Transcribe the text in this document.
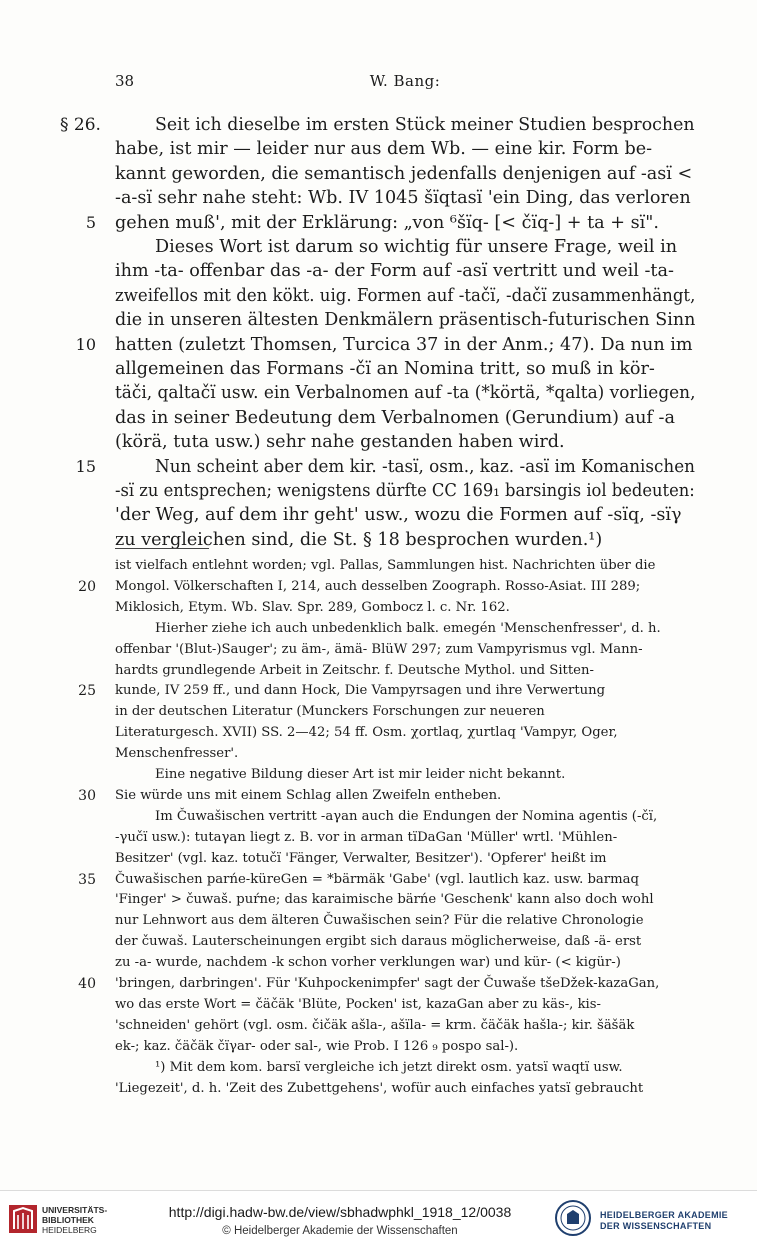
38	W. Bang:
§ 26.	Seit ich dieselbe im ersten Stück meiner Studien besprochen
habe, ist mir — leider nur aus dem Wb. — eine kir. Form be-
kannt geworden, die semantisch jedenfalls denjenigen auf -asï <
-a-sï sehr nahe steht: Wb. IV 1045 šïqtasï 'ein Ding, das verloren
gehen muß', mit der Erklärung: „von ⁶šïq- [< čïq-] + ta + sï".
5
Dieses Wort ist darum so wichtig für unsere Frage, weil in
ihm -ta- offenbar das -a- der Form auf -asï vertritt und weil -ta-
zweifellos mit den kökt. uig. Formen auf -tačï, -dačï zusammenhängt,
die in unseren ältesten Denkmälern präsentisch-futurischen Sinn
hatten (zuletzt Thomsen, Turcica 37 in der Anm.; 47). Da nun im
10
allgemeinen das Formans -čï an Nomina tritt, so muß in kör-
täči, qaltačï usw. ein Verbalnomen auf -ta (*körtä, *qalta) vorliegen,
das in seiner Bedeutung dem Verbalnomen (Gerundium) auf -a
(körä, tuta usw.) sehr nahe gestanden haben wird.
Nun scheint aber dem kir. -tasï, osm., kaz. -asï im Komanischen
15
-sï zu entsprechen; wenigstens dürfte CC 169₁ barsingis iol bedeuten:
'der Weg, auf dem ihr geht' usw., wozu die Formen auf -sïq, -sïγ
zu vergleichen sind, die St. § 18 besprochen wurden.¹)
ist vielfach entlehnt worden; vgl. Pallas, Sammlungen hist. Nachrichten über die
Mongol. Völkerschaften I, 214, auch desselben Zoograph. Rosso-Asiat. III 289;
20
Miklosich, Etym. Wb. Slav. Spr. 289, Gombocz l. c. Nr. 162.
Hierher ziehe ich auch unbedenklich balk. emegén 'Menschenfresser', d. h.
offenbar '(Blut-)Sauger'; zu äm-, ämä- BlüW 297; zum Vampyrismus vgl. Mann-
hardts grundlegende Arbeit in Zeitschr. f. Deutsche Mythol. und Sitten-
kunde, IV 259 ff., und dann Hock, Die Vampyrsagen und ihre Verwertung
25
in der deutschen Literatur (Munckers Forschungen zur neueren
Literaturgesch. XVII) SS. 2—42; 54 ff. Osm. χortlaq, χurtlaq 'Vampyr, Oger,
Menschenfresser'.
Eine negative Bildung dieser Art ist mir leider nicht bekannt.
Sie würde uns mit einem Schlag allen Zweifeln entheben.
30
Im Čuwašischen vertritt -aγan auch die Endungen der Nomina agentis (-čï,
-γučï usw.): tutaγan liegt z. B. vor in arman tïDaGan 'Müller' wrtl. 'Mühlen-
Besitzer' (vgl. kaz. totučï 'Fänger, Verwalter, Besitzer'). 'Opferer' heißt im
Čuwašischen parńe-kürеGen = *bärmäk 'Gabe' (vgl. lautlich kaz. usw. barmaq
35
'Finger' > čuwaš. puŕne; das karaimische bärńe 'Geschenk' kann also doch wohl
nur Lehnwort aus dem älteren Čuwašischen sein? Für die relative Chronologie
der čuwaš. Lauterscheinungen ergibt sich daraus möglicherweise, daß -ä- erst
zu -a- wurde, nachdem -k schon vorher verklungen war) und kür- (< kigür-)
'bringen, darbringen'. Für 'Kuhpockenimpfer' sagt der Čuwaše tšeDžek-kazaGan,
40
wo das erste Wort = čäčäk 'Blüte, Pocken' ist, kazaGan aber zu käs-, kis-
'schneiden' gehört (vgl. osm. čičäk ašla-, ašïla- = krm. čäčäk hašla-; kir. šäšäk
ek-; kaz. čäčäk čïγar- oder sal-, wie Prob. I 126 ₉ pospo sal-).
¹) Mit dem kom. barsï vergleiche ich jetzt direkt osm. yatsï waqtï usw.
'Liegezeit', d. h. 'Zeit des Zubettgehens', wofür auch einfaches yatsï gebraucht
UNIVERSITÄTS-
BIBLIOTHEK
HEIDELBERG
http://digi.hadw-bw.de/view/sbhadwphkl_1918_12/0038
© Heidelberger Akademie der Wissenschaften
HEIDELBERGER AKADEMIE
DER WISSENSCHAFTEN
